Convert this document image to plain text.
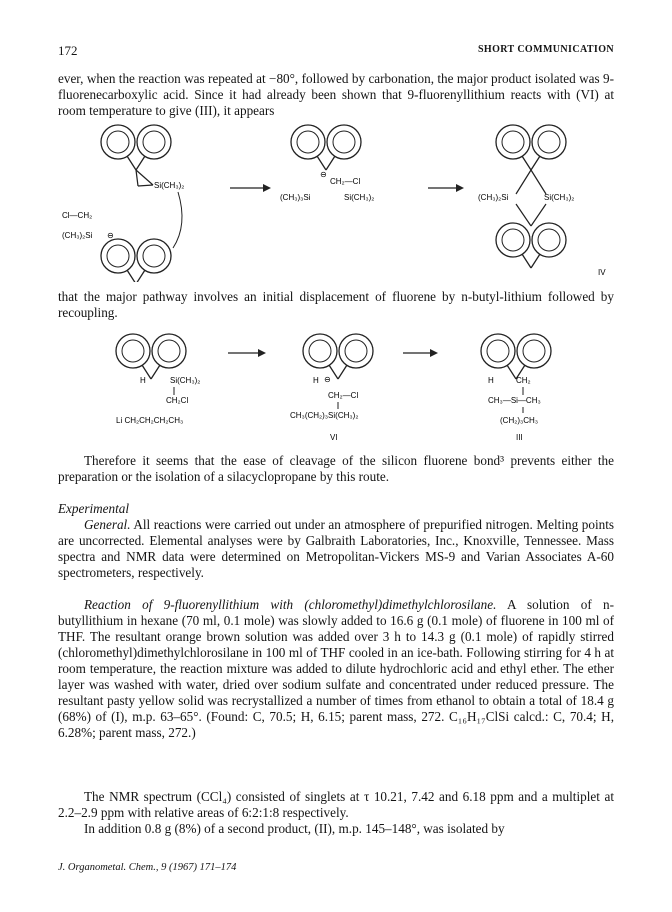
172	SHORT COMMUNICATION

ever, when the reaction was repeated at −80°, followed by carbonation, the major product isolated was 9-fluorenecarboxylic acid. Since it had already been shown that 9-fluorenyllithium reacts with (VI) at room temperature to give (III), it appears

Si(CH₃)₂
Cl—CH₂
(CH₃)₂Si ⊖
⊖
CH₂—Cl
(CH₃)₃Si	Si(CH₃)₂	(CH₃)₂Si	Si(CH₃)₂
IV

that the major pathway involves an initial displacement of fluorene by n-butyl-lithium followed by recoupling.

H	Si(CH₃)₂
CH₂Cl
Li CH₂CH₂CH₂CH₃
H ⊖
CH₂—Cl
CH₃(CH₂)₃Si(CH₃)₂
VI
H	CH₂
CH₃—Si—CH₃
(CH₂)₃CH₃
III

Therefore it seems that the ease of cleavage of the silicon fluorene bond³ prevents either the preparation or the isolation of a silacyclopropane by this route.

Experimental

General. All reactions were carried out under an atmosphere of prepurified nitrogen. Melting points are uncorrected. Elemental analyses were by Galbraith Laboratories, Inc., Knoxville, Tennessee. Mass spectra and NMR data were determined on Metropolitan-Vickers MS-9 and Varian Associates A-60 spectrometers, respectively.

Reaction of 9-fluorenyllithium with (chloromethyl)dimethylchlorosilane. A solution of n-butyllithium in hexane (70 ml, 0.1 mole) was slowly added to 16.6 g (0.1 mole) of fluorene in 100 ml of THF. The resultant orange brown solution was added over 3 h to 14.3 g (0.1 mole) of rapidly stirred (chloromethyl)dimethylchlorosilane in 100 ml of THF cooled in an ice-bath. Following stirring for 4 h at room temperature, the reaction mixture was added to dilute hydrochloric acid and ethyl ether. The ether layer was washed with water, dried over sodium sulfate and concentrated under reduced pressure. The resultant pasty yellow solid was recrystallized a number of times from ethanol to obtain a total of 18.4 g (68%) of (I), m.p. 63–65°. (Found: C, 70.5; H, 6.15; parent mass, 272. C₁₆H₁₇ClSi calcd.: C, 70.4; H, 6.28%; parent mass, 272.)

The NMR spectrum (CCl₄) consisted of singlets at τ 10.21, 7.42 and 6.18 ppm and a multiplet at 2.2–2.9 ppm with relative areas of 6:2:1:8 respectively.

In addition 0.8 g (8%) of a second product, (II), m.p. 145–148°, was isolated by

J. Organometal. Chem., 9 (1967) 171–174
